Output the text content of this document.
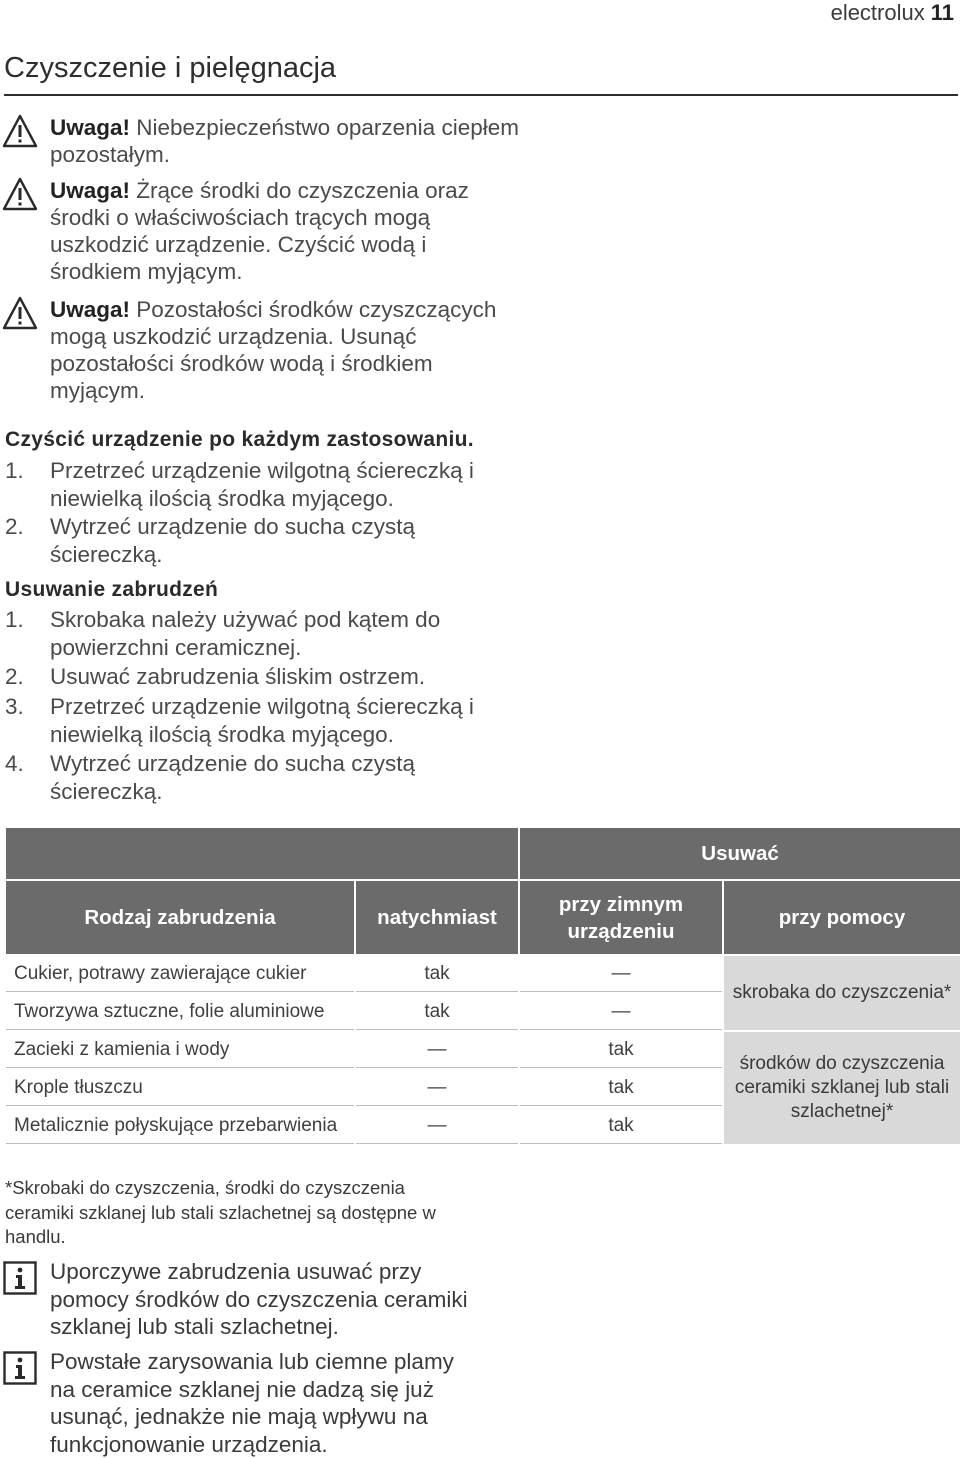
electrolux 11
Czyszczenie i pielęgnacja
Uwaga! Niebezpieczeństwo oparzenia ciepłem pozostałym.
Uwaga! Żrące środki do czyszczenia oraz środki o właściwościach trących mogą uszkodzić urządzenie. Czyścić wodą i środkiem myjącym.
Uwaga! Pozostałości środków czyszczących mogą uszkodzić urządzenia. Usunąć pozostałości środków wodą i środkiem myjącym.
Czyścić urządzenie po każdym zastosowaniu.
1. Przetrzeć urządzenie wilgotną ściereczką i niewielką ilością środka myjącego.
2. Wytrzeć urządzenie do sucha czystą ściereczką.
Usuwanie zabrudzeń
1. Skrobaka należy używać pod kątem do powierzchni ceramicznej.
2. Usuwać zabrudzenia śliskim ostrzem.
3. Przetrzeć urządzenie wilgotną ściereczką i niewielką ilością środka myjącego.
4. Wytrzeć urządzenie do sucha czystą ściereczką.
		Usuwać	
Rodzaj zabrudzenia	natychmiast	przy zimnym urządzeniu	przy pomocy
Cukier, potrawy zawierające cukier	tak	—	skrobaka do czyszczenia*
Tworzywa sztuczne, folie aluminiowe	tak	—	
Zacieki z kamienia i wody	—	tak	środków do czyszczenia ceramiki szklanej lub stali szlachetnej*
Krople tłuszczu	—	tak	
Metalicznie połyskujące przebarwienia	—	tak	
*Skrobaki do czyszczenia, środki do czyszczenia ceramiki szklanej lub stali szlachetnej są dostępne w handlu.
Uporczywe zabrudzenia usuwać przy pomocy środków do czyszczenia ceramiki szklanej lub stali szlachetnej.
Powstałe zarysowania lub ciemne plamy na ceramice szklanej nie dadzą się już usunąć, jednakże nie mają wpływu na funkcjonowanie urządzenia.
